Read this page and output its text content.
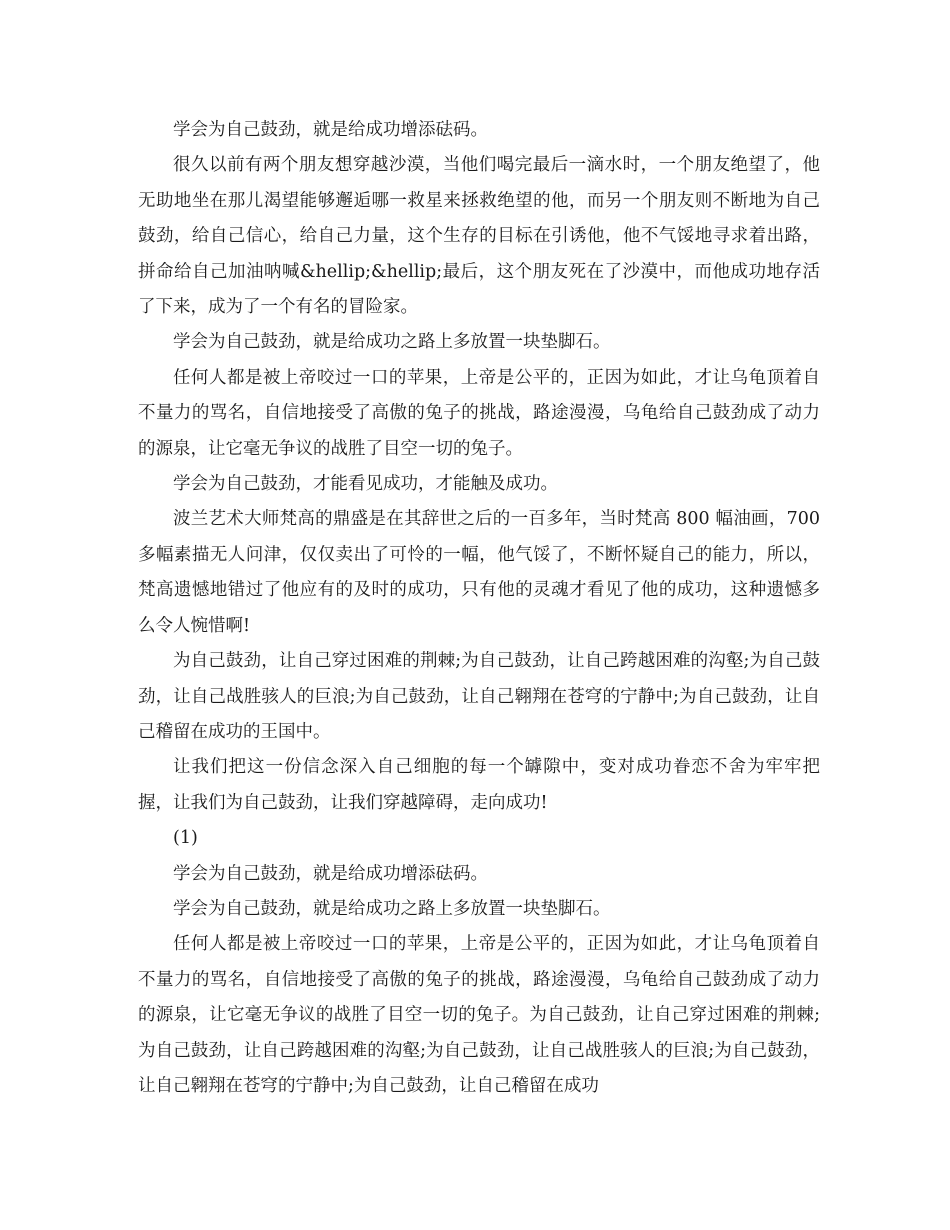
学会为自己鼓劲，就是给成功增添砝码。

很久以前有两个朋友想穿越沙漠，当他们喝完最后一滴水时，一个朋友绝望了，他无助地坐在那儿渴望能够邂逅哪一救星来拯救绝望的他，而另一个朋友则不断地为自己鼓劲，给自己信心，给自己力量，这个生存的目标在引诱他，他不气馁地寻求着出路，拼命给自己加油呐喊&hellip;&hellip;最后，这个朋友死在了沙漠中，而他成功地存活了下来，成为了一个有名的冒险家。

学会为自己鼓劲，就是给成功之路上多放置一块垫脚石。

任何人都是被上帝咬过一口的苹果，上帝是公平的，正因为如此，才让乌龟顶着自不量力的骂名，自信地接受了高傲的兔子的挑战，路途漫漫，乌龟给自己鼓劲成了动力的源泉，让它毫无争议的战胜了目空一切的兔子。

学会为自己鼓劲，才能看见成功，才能触及成功。

波兰艺术大师梵高的鼎盛是在其辞世之后的一百多年，当时梵高 800 幅油画，700 多幅素描无人问津，仅仅卖出了可怜的一幅，他气馁了，不断怀疑自己的能力，所以，梵高遗憾地错过了他应有的及时的成功，只有他的灵魂才看见了他的成功，这种遗憾多么令人惋惜啊!

为自己鼓劲，让自己穿过困难的荆棘;为自己鼓劲，让自己跨越困难的沟壑;为自己鼓劲，让自己战胜骇人的巨浪;为自己鼓劲，让自己翱翔在苍穹的宁静中;为自己鼓劲，让自己稽留在成功的王国中。

让我们把这一份信念深入自己细胞的每一个罅隙中，变对成功眷恋不舍为牢牢把握，让我们为自己鼓劲，让我们穿越障碍，走向成功!

(1)

学会为自己鼓劲，就是给成功增添砝码。

学会为自己鼓劲，就是给成功之路上多放置一块垫脚石。

任何人都是被上帝咬过一口的苹果，上帝是公平的，正因为如此，才让乌龟顶着自不量力的骂名，自信地接受了高傲的兔子的挑战，路途漫漫，乌龟给自己鼓劲成了动力的源泉，让它毫无争议的战胜了目空一切的兔子。为自己鼓劲，让自己穿过困难的荆棘;为自己鼓劲，让自己跨越困难的沟壑;为自己鼓劲，让自己战胜骇人的巨浪;为自己鼓劲，让自己翱翔在苍穹的宁静中;为自己鼓劲，让自己稽留在成功
